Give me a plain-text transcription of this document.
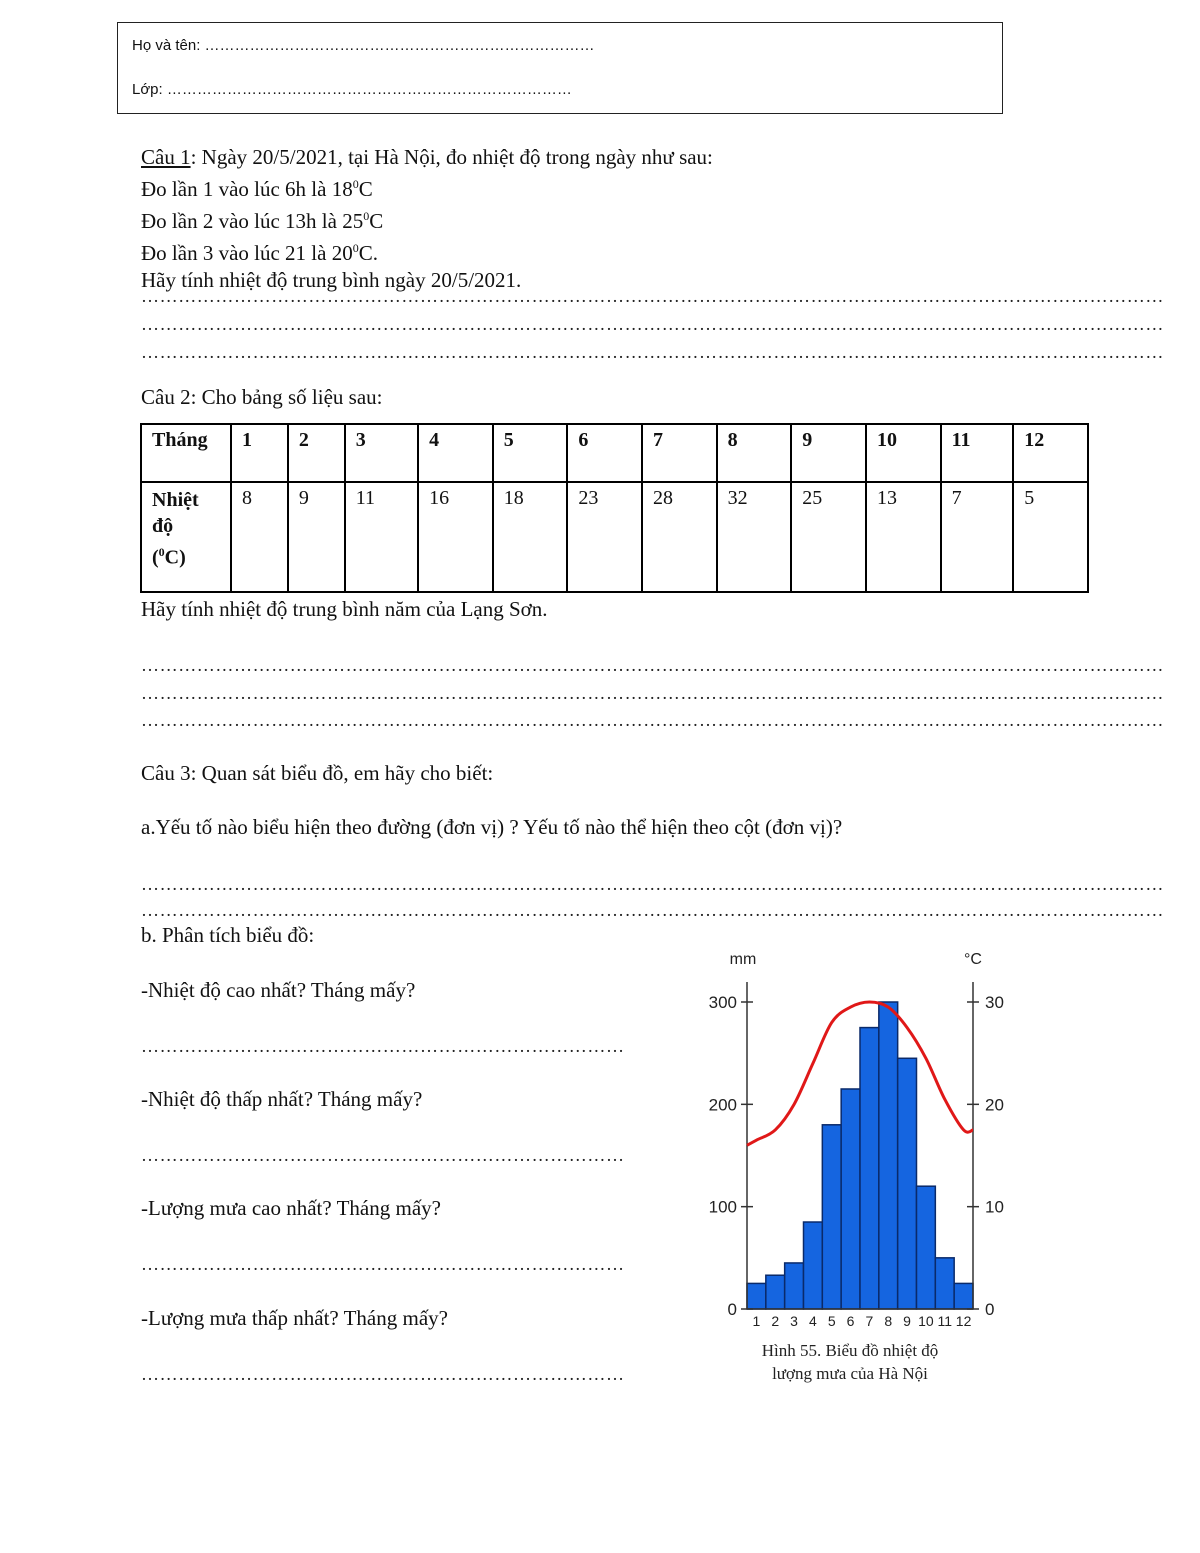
Họ và tên: ……………………………………………………………………
Lớp: ………………………………………………………………………
Câu 1: Ngày 20/5/2021, tại Hà Nội, đo nhiệt độ trong ngày như sau:
Đo lần 1 vào lúc 6h là $18^0C$
Đo lần 2 vào lúc 13h là $25^0C$
Đo lần 3 vào lúc 21 là $20^0C$.
Hãy tính nhiệt độ trung bình ngày 20/5/2021.
…………………………………………………………………………………………………………………………………………………
…………………………………………………………………………………………………………………………………………………
…………………………………………………………………………………………………………………………………………………
Câu 2: Cho bảng số liệu sau:
Tháng	1	2	3	4	5	6	7	8	9	10	11	12

Nhiệt
độ
($^0$C)	8	9	11	16	18	23	28	32	25	13	7	5
Hãy tính nhiệt độ trung bình năm của Lạng Sơn.
…………………………………………………………………………………………………………………………………………………
…………………………………………………………………………………………………………………………………………………
…………………………………………………………………………………………………………………………………………………
Câu 3: Quan sát biểu đồ, em hãy cho biết:
a.Yếu tố nào biểu hiện theo đường (đơn vị) ? Yếu tố nào thể hiện theo cột (đơn vị)?
…………………………………………………………………………………………………………………………………………………
…………………………………………………………………………………………………………………………………………………
b. Phân tích biểu đồ:
-Nhiệt độ cao nhất? Tháng mấy?
……………………………………………………………………
-Nhiệt độ thấp nhất? Tháng mấy?
……………………………………………………………………
-Lượng mưa cao nhất? Tháng mấy?
……………………………………………………………………
-Lượng mưa thấp nhất? Tháng mấy?
……………………………………………………………………
0
100
200
300
0
10
20
30
mm	°C
1 2 3 4 5 6 7 8 9 10 11 12
Hình 55. Biểu đồ nhiệt độ
lượng mưa của Hà Nội
